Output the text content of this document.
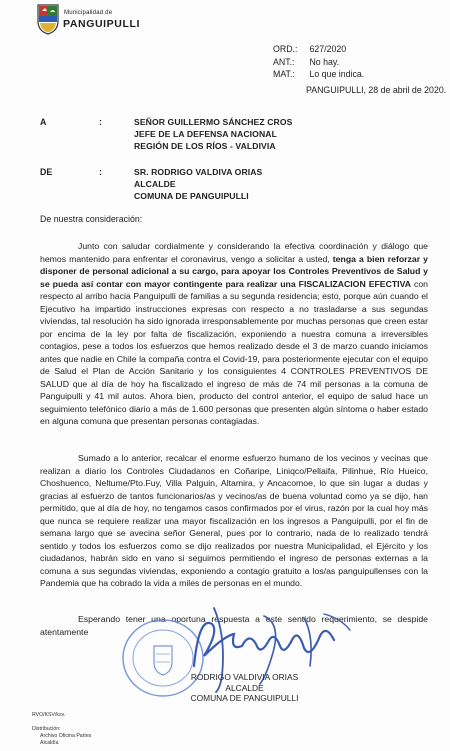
Municipalidad de
PANGUIPULLI
ORD.: 627/2020
ANT.: No hay.
MAT.: Lo que indica.
PANGUIPULLI, 28 de abril de 2020.
A	:	SEÑOR GUILLERMO SÁNCHEZ CROS
JEFE DE LA DEFENSA NACIONAL
REGIÓN DE LOS RÍOS - VALDIVIA
DE	:	SR. RODRIGO VALDIVA ORIAS
ALCALDE
COMUNA DE PANGUIPULLI
De nuestra consideración:

Junto con saludar cordialmente y considerando la efectiva coordinación y diálogo que hemos mantenido para enfrentar el coronavirus, vengo a solicitar a usted, tenga a bien reforzar y disponer de personal adicional a su cargo, para apoyar los Controles Preventivos de Salud y se pueda así contar con mayor contingente para realizar una FISCALIZACION EFECTIVA con respecto al arribo hacia Panguipulli de familias a su segunda residencia; esto, porque aún cuando el Ejecutivo ha impartido instrucciones expresas con respecto a no trasladarse a sus segundas viviendas, tal resolución ha sido ignorada irresponsablemente por muchas personas que creen estar por encima de la ley por falta de fiscalización, exponiendo a nuestra comuna a irreversibles contagios, pese a todos los esfuerzos que hemos realizado desde el 3 de marzo cuando iniciamos antes que nadie en Chile la compaña contra el Covid-19, para posteriormente ejecutar con el equipo de Salud el Plan de Acción Sanitario y los consiguientes 4 CONTROLES PREVENTIVOS DE SALUD que al día de hoy ha fiscalizado el ingreso de más de 74 mil personas a la comuna de Panguipulli y 41 mil autos. Ahora bien, producto del control anterior, el equipo de salud hace un seguimiento telefónico diario a más de 1.600 personas que presenten algún síntoma o haber estado en alguna comuna que presentan personas contagiadas.

Sumado a lo anterior, recalcar el enorme esfuerzo humano de los vecinos y vecinas que realizan a diario los Controles Ciudadanos en Coñaripe, Liniqco/Pellaifa, Pilinhue, Río Hueico, Choshuenco, Neltume/Pto.Fuy, Villa Palguin, Altamira, y Ancacomoe, lo que sin lugar a dudas y gracias al esfuerzo de tantos funcionarios/as y vecinos/as de buena voluntad como ya se dijo, han permitido, que al día de hoy, no tengamos casos confirmados por el virus, razón por la cual hoy más que nunca se requiere realizar una mayor fiscalización en los ingresos a Panguipulli, por el fin de semana largo que se avecina señor General, pues por lo contrario, nada de lo realizado tendrá sentido y todos los esfuerzos como se dijo realizados por nuestra Municipalidad, el Ejército y los ciudadanos, habrán sido en vano si seguimos permitiendo el ingreso de personas externas a la comuna a sus segundas viviendas, exponiendo a contagio gratuito a los/as panguipullenses con la Pandemia que ha cobrado la vida a miles de personas en el mundo.

Esperando tener una oportuna respuesta a este sentido requerimiento, se despide atentamente

RODRIGO VALDIVIA ORIAS
ALCALDE
COMUNA DE PANGUIPULLI
RVO/KSV/ksv.
Distribución:
Archivo Oficina Partes
Alcaldía
